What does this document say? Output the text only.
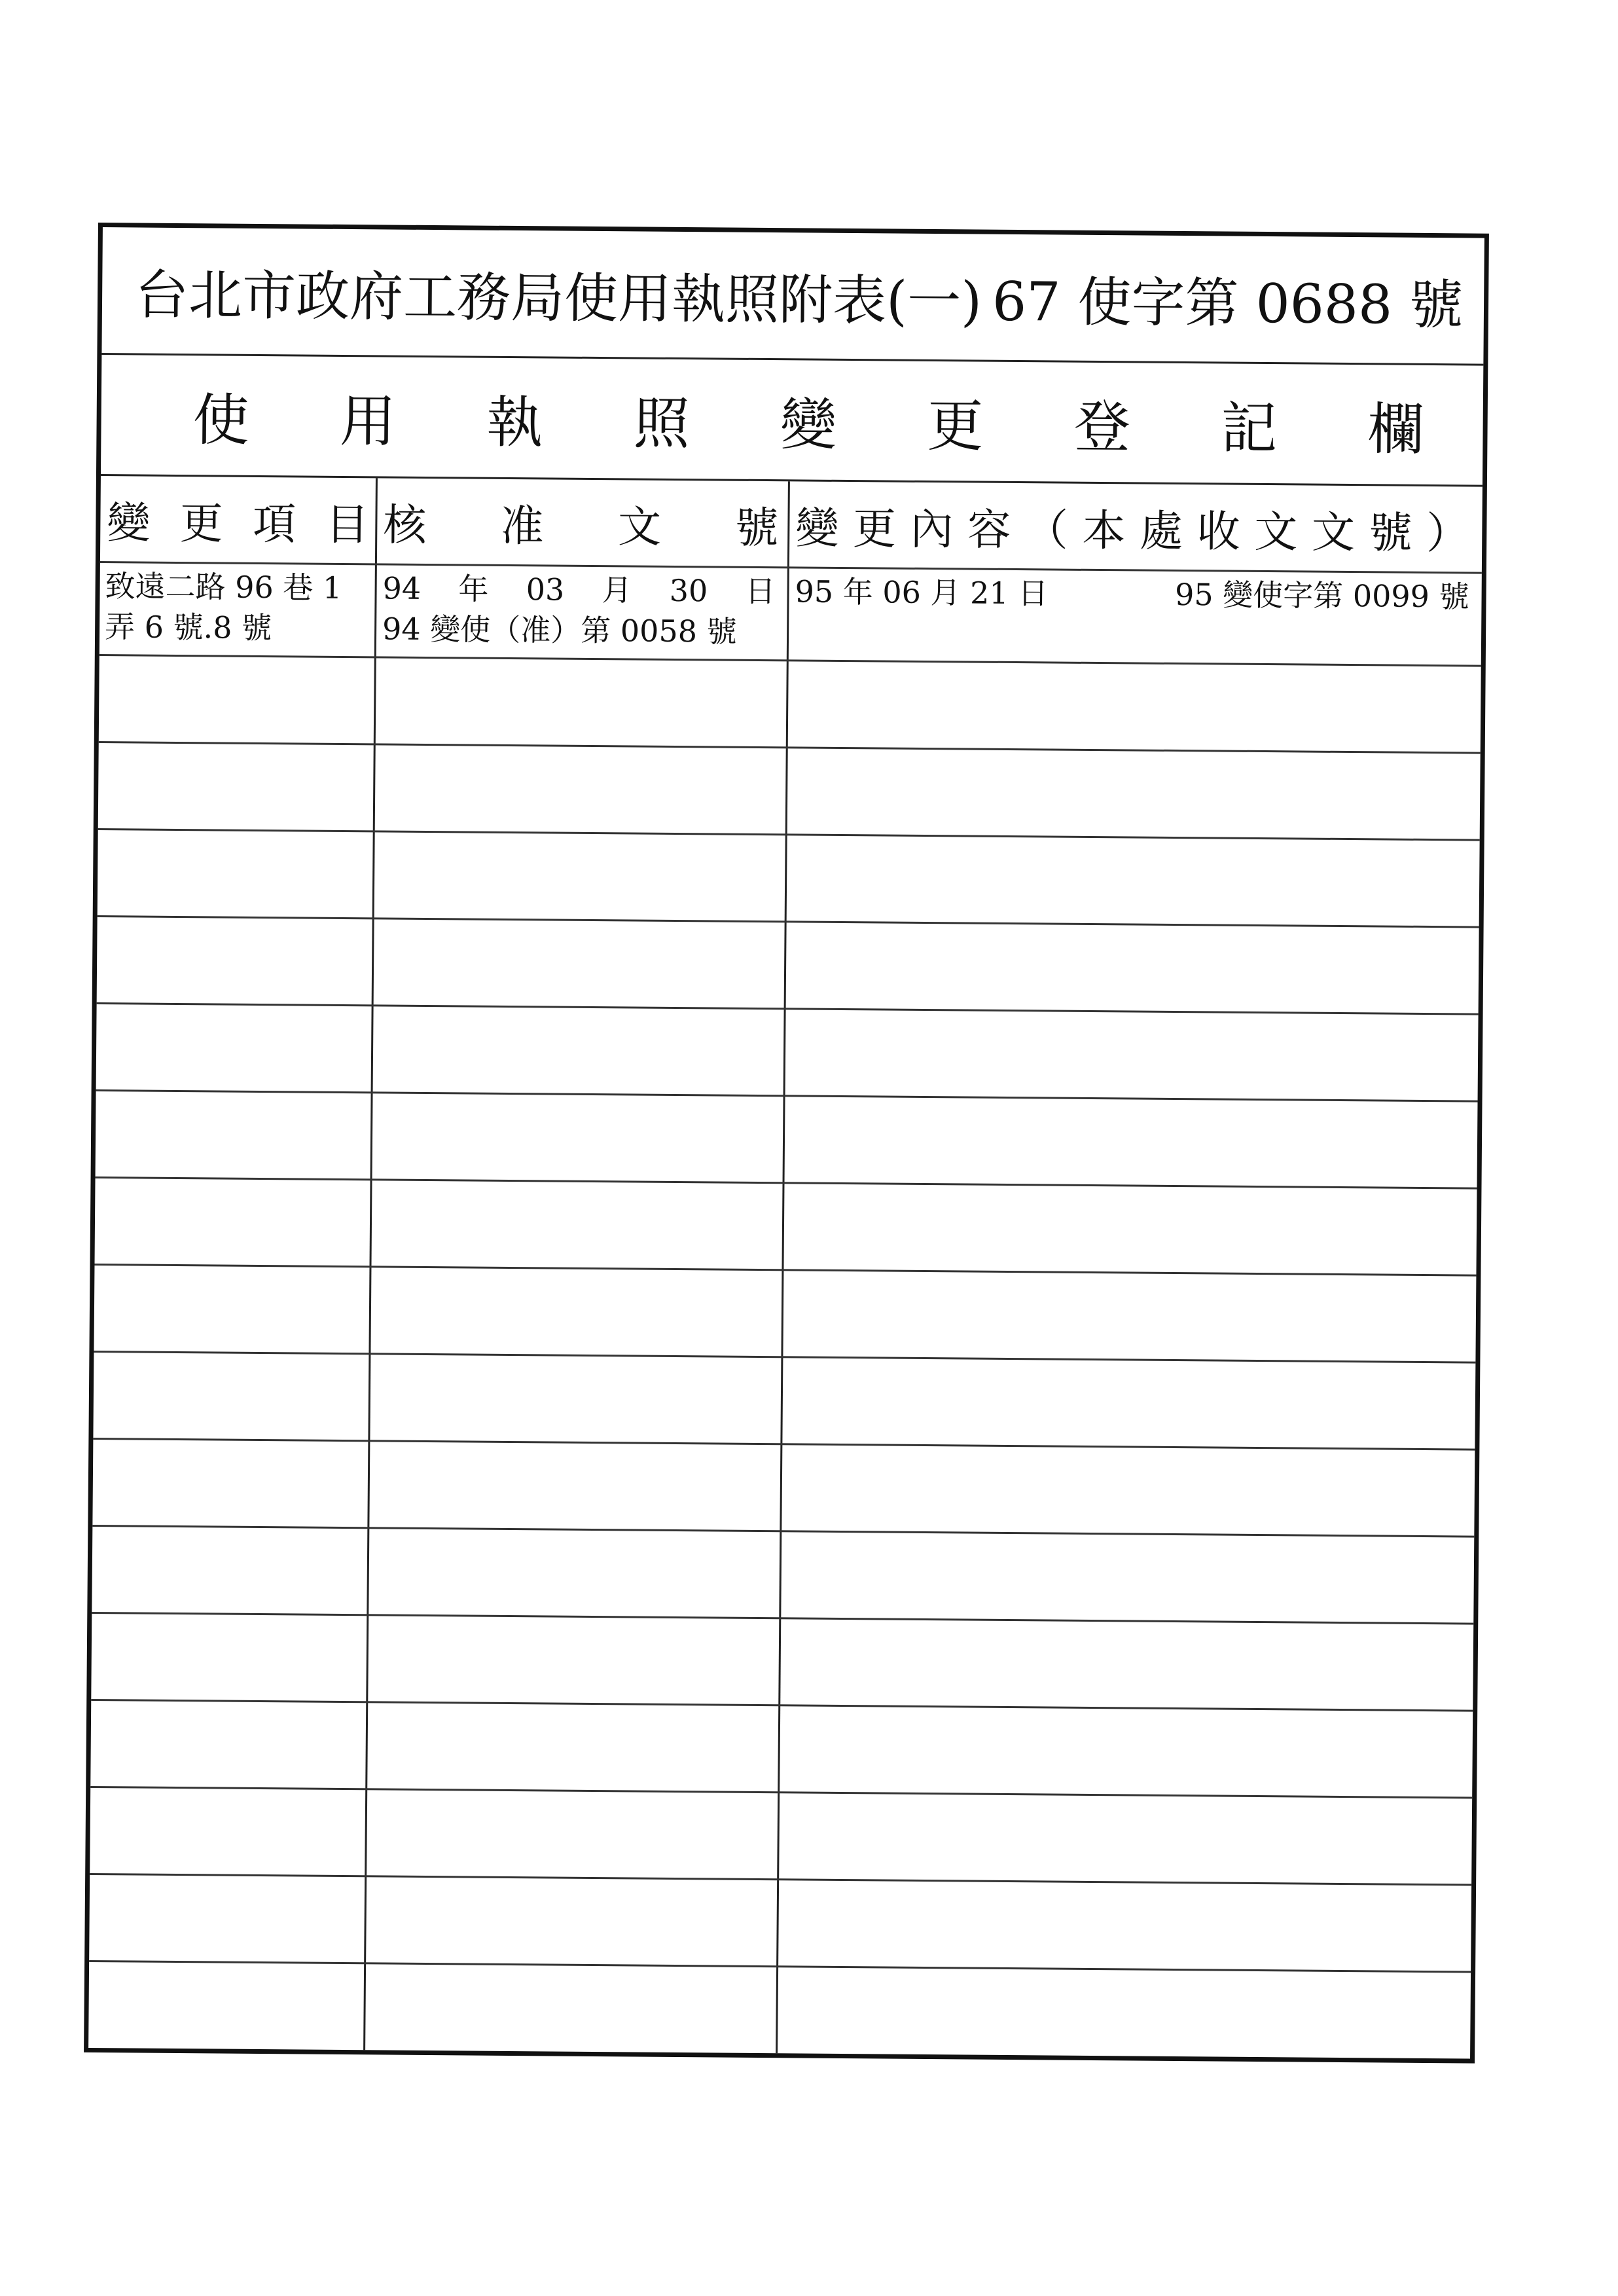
台北市政府工務局使用執照附表(一) 67 使字第 0688 號
使 用 執 照 變 更 登 記 欄
變 更 項 目 核 准 文 號 變 更 內 容 （ 本 處 收 文 文 號 ）
致遠二路 96 巷 1
弄 6 號.8 號
94 年 03 月 30 日
94 變使（准）第 0058 號
95 年 06 月 21 日	95 變使字第 0099 號
